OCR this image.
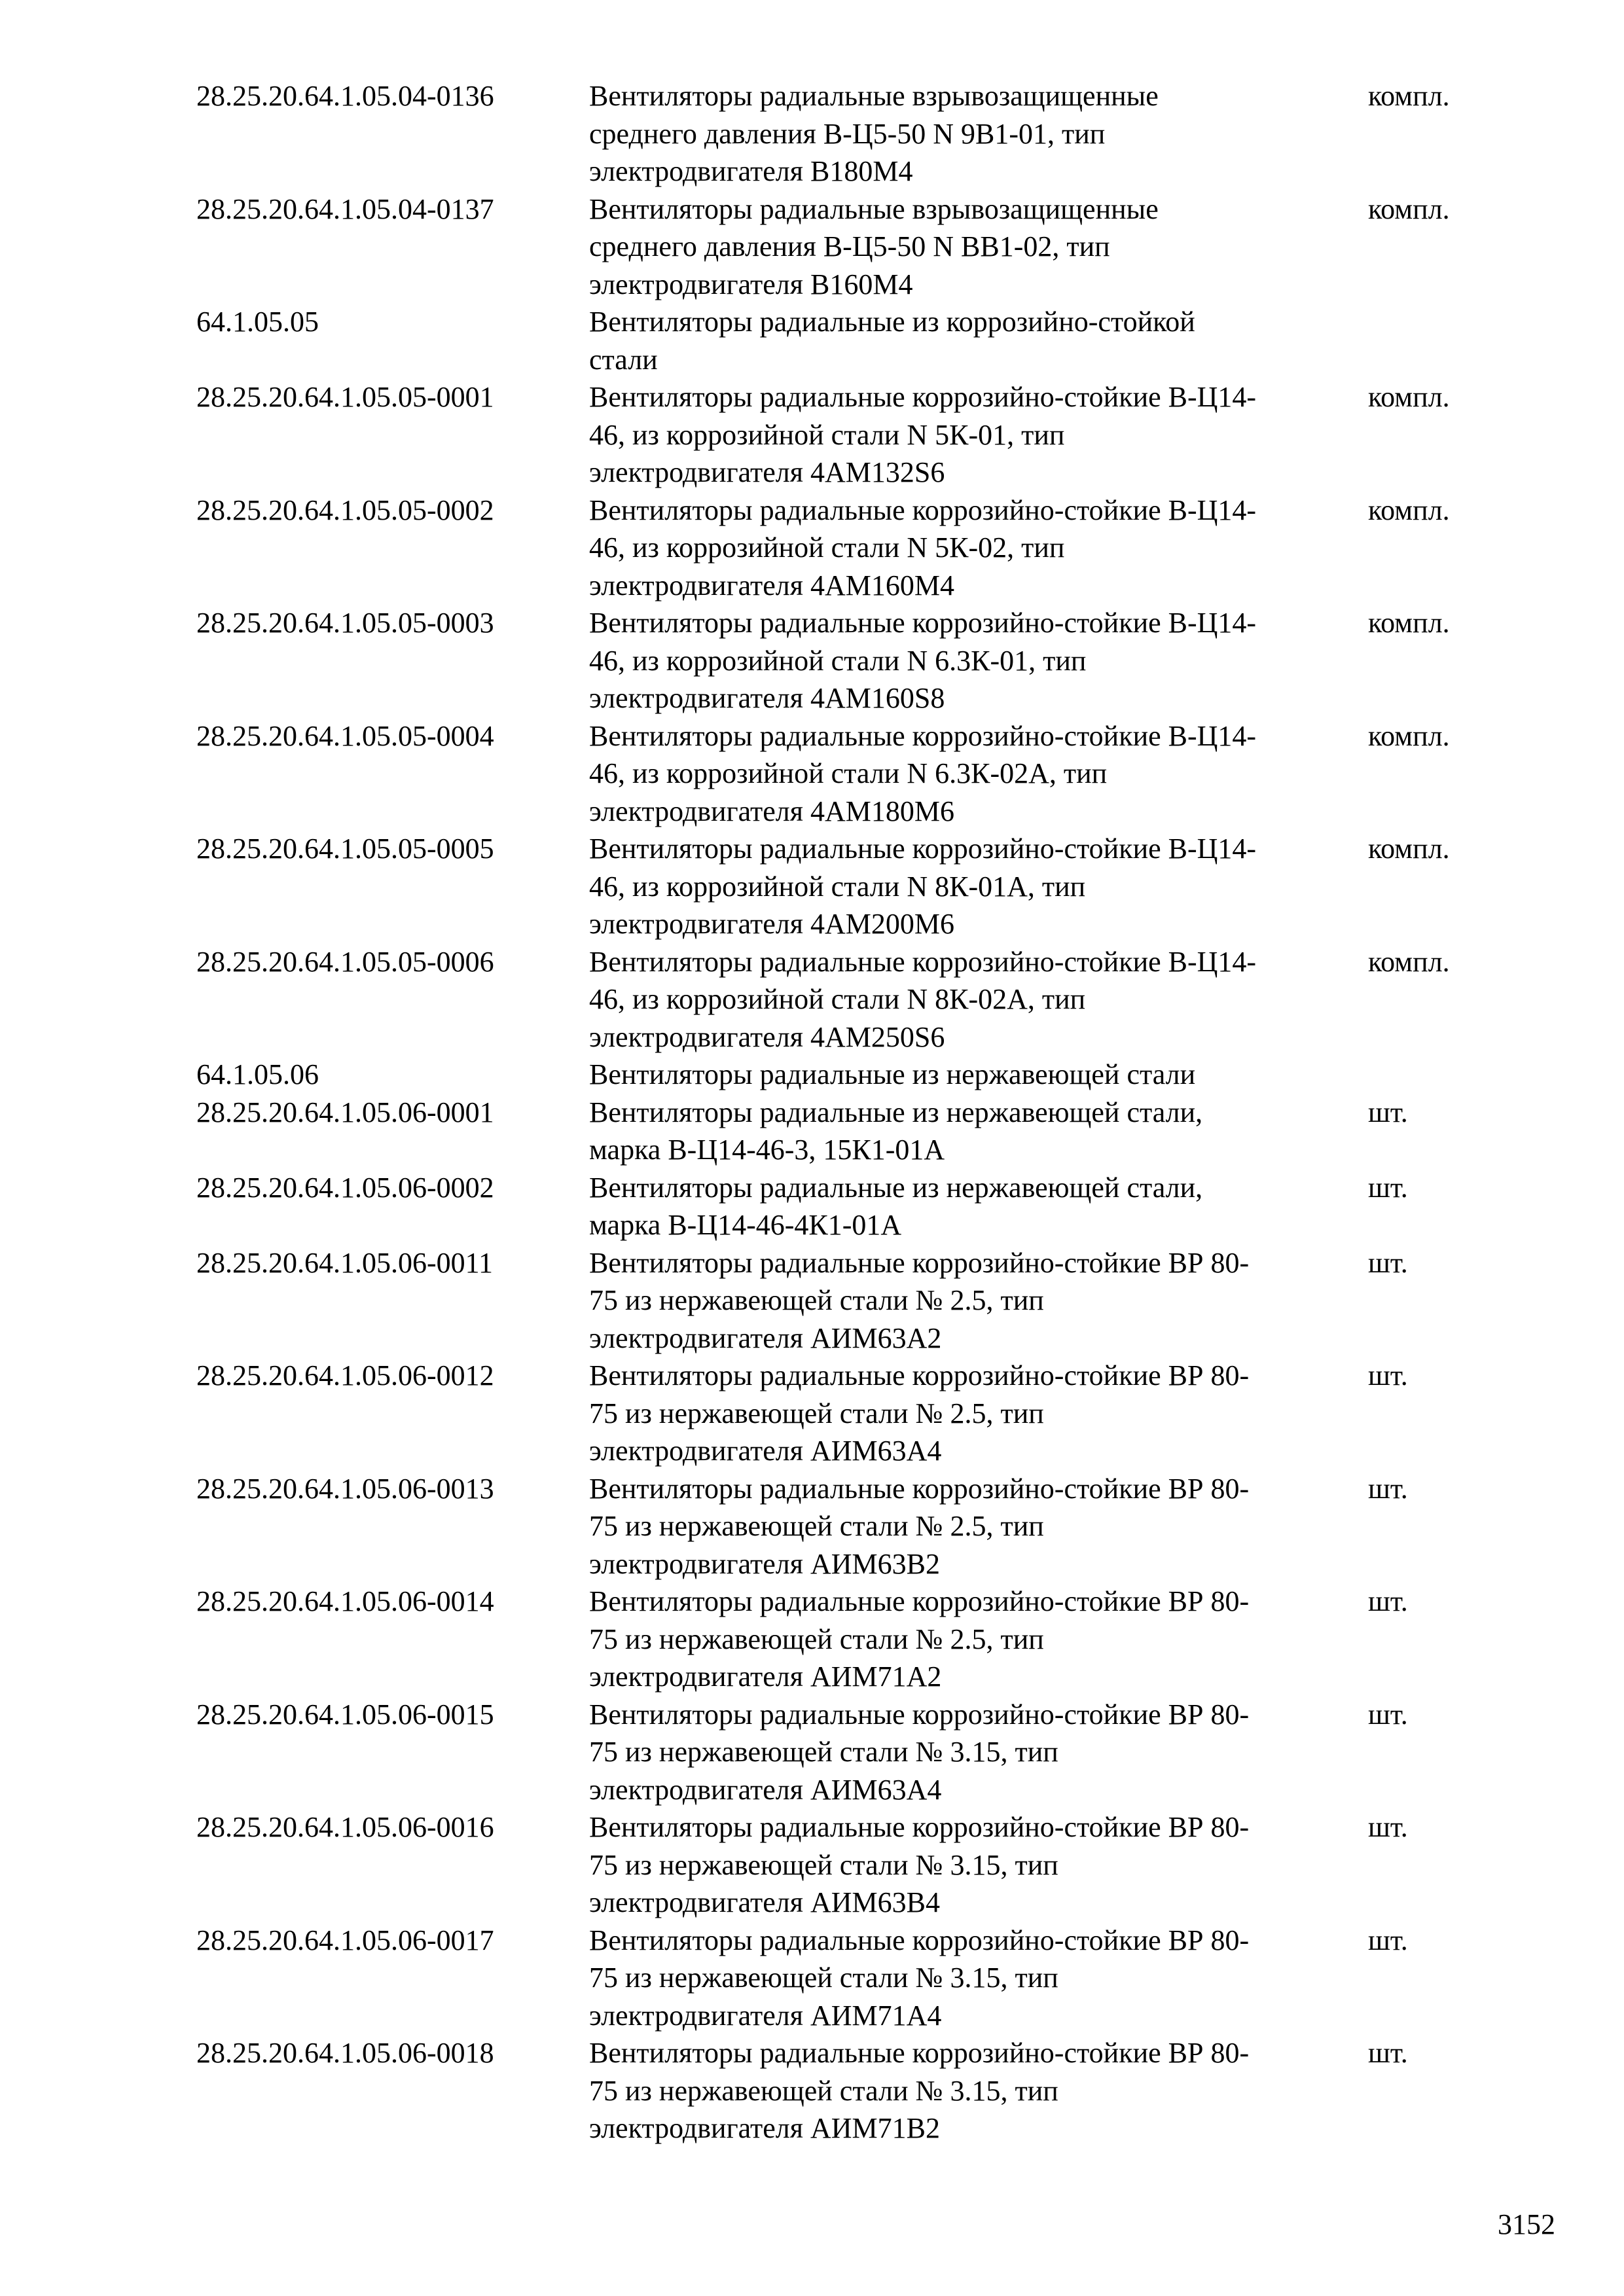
28.25.20.64.1.05.04-0136	Вентиляторы радиальные взрывозащищенные
среднего давления В-Ц5-50 N 9В1-01, тип
электродвигателя В180М4
компл.
28.25.20.64.1.05.04-0137	Вентиляторы радиальные взрывозащищенные
среднего давления В-Ц5-50 N ВВ1-02, тип
электродвигателя В160М4
компл.
64.1.05.05	Вентиляторы радиальные из коррозийно-стойкой
стали
28.25.20.64.1.05.05-0001	Вентиляторы радиальные коррозийно-стойкие В-Ц14-
46, из коррозийной стали N 5К-01, тип
электродвигателя 4АМ132S6
компл.
28.25.20.64.1.05.05-0002	Вентиляторы радиальные коррозийно-стойкие В-Ц14-
46, из коррозийной стали N 5К-02, тип
электродвигателя 4АМ160М4
компл.
28.25.20.64.1.05.05-0003	Вентиляторы радиальные коррозийно-стойкие В-Ц14-
46, из коррозийной стали N 6.3К-01, тип
электродвигателя 4АМ160S8
компл.
28.25.20.64.1.05.05-0004	Вентиляторы радиальные коррозийно-стойкие В-Ц14-
46, из коррозийной стали N 6.3К-02А, тип
электродвигателя 4АМ180М6
компл.
28.25.20.64.1.05.05-0005	Вентиляторы радиальные коррозийно-стойкие В-Ц14-
46, из коррозийной стали N 8К-01А, тип
электродвигателя 4АМ200М6
компл.
28.25.20.64.1.05.05-0006	Вентиляторы радиальные коррозийно-стойкие В-Ц14-
46, из коррозийной стали N 8К-02А, тип
электродвигателя 4АМ250S6
компл.
64.1.05.06	Вентиляторы радиальные из нержавеющей стали
28.25.20.64.1.05.06-0001	Вентиляторы радиальные из нержавеющей стали,
марка В-Ц14-46-3, 15К1-01А
шт.
28.25.20.64.1.05.06-0002	Вентиляторы радиальные из нержавеющей стали,
марка В-Ц14-46-4К1-01А
шт.
28.25.20.64.1.05.06-0011	Вентиляторы радиальные коррозийно-стойкие ВР 80-
75 из нержавеющей стали № 2.5, тип
электродвигателя АИМ63А2
шт.
28.25.20.64.1.05.06-0012	Вентиляторы радиальные коррозийно-стойкие ВР 80-
75 из нержавеющей стали № 2.5, тип
электродвигателя АИМ63А4
шт.
28.25.20.64.1.05.06-0013	Вентиляторы радиальные коррозийно-стойкие ВР 80-
75 из нержавеющей стали № 2.5, тип
электродвигателя АИМ63В2
шт.
28.25.20.64.1.05.06-0014	Вентиляторы радиальные коррозийно-стойкие ВР 80-
75 из нержавеющей стали № 2.5, тип
электродвигателя АИМ71А2
шт.
28.25.20.64.1.05.06-0015	Вентиляторы радиальные коррозийно-стойкие ВР 80-
75 из нержавеющей стали № 3.15, тип
электродвигателя АИМ63А4
шт.
28.25.20.64.1.05.06-0016	Вентиляторы радиальные коррозийно-стойкие ВР 80-
75 из нержавеющей стали № 3.15, тип
электродвигателя АИМ63В4
шт.
28.25.20.64.1.05.06-0017	Вентиляторы радиальные коррозийно-стойкие ВР 80-
75 из нержавеющей стали № 3.15, тип
электродвигателя АИМ71А4
шт.
28.25.20.64.1.05.06-0018	Вентиляторы радиальные коррозийно-стойкие ВР 80-
75 из нержавеющей стали № 3.15, тип
электродвигателя АИМ71В2
шт.
3152
